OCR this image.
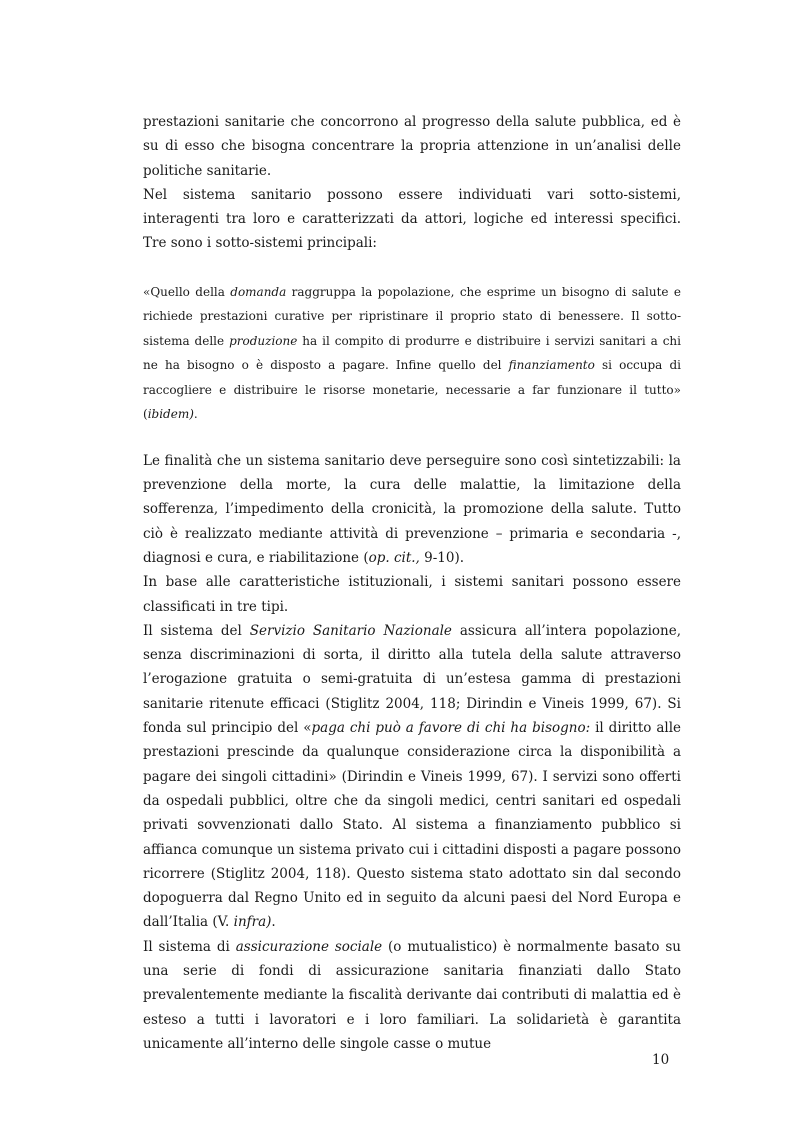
prestazioni sanitarie che concorrono al progresso della salute pubblica, ed è su di esso che bisogna concentrare la propria attenzione in un’analisi delle politiche sanitarie.

Nel sistema sanitario possono essere individuati vari sotto-sistemi, interagenti tra loro e caratterizzati da attori, logiche ed interessi specifici. Tre sono i sotto-sistemi principali:

«Quello della domanda raggruppa la popolazione, che esprime un bisogno di salute e richiede prestazioni curative per ripristinare il proprio stato di benessere. Il sotto-sistema delle produzione ha il compito di produrre e distribuire i servizi sanitari a chi ne ha bisogno o è disposto a pagare. Infine quello del finanziamento si occupa di raccogliere e distribuire le risorse monetarie, necessarie a far funzionare il tutto» (ibidem).

Le finalità che un sistema sanitario deve perseguire sono così sintetizzabili: la prevenzione della morte, la cura delle malattie, la limitazione della sofferenza, l’impedimento della cronicità, la promozione della salute. Tutto ciò è realizzato mediante attività di prevenzione – primaria e secondaria -, diagnosi e cura, e riabilitazione (op. cit., 9-10).

In base alle caratteristiche istituzionali, i sistemi sanitari possono essere classificati in tre tipi.

Il sistema del Servizio Sanitario Nazionale assicura all’intera popolazione, senza discriminazioni di sorta, il diritto alla tutela della salute attraverso l’erogazione gratuita o semi-gratuita di un’estesa gamma di prestazioni sanitarie ritenute efficaci (Stiglitz 2004, 118; Dirindin e Vineis 1999, 67). Si fonda sul principio del «paga chi può a favore di chi ha bisogno: il diritto alle prestazioni prescinde da qualunque considerazione circa la disponibilità a pagare dei singoli cittadini» (Dirindin e Vineis 1999, 67). I servizi sono offerti da ospedali pubblici, oltre che da singoli medici, centri sanitari ed ospedali privati sovvenzionati dallo Stato. Al sistema a finanziamento pubblico si affianca comunque un sistema privato cui i cittadini disposti a pagare possono ricorrere (Stiglitz 2004, 118). Questo sistema stato adottato sin dal secondo dopoguerra dal Regno Unito ed in seguito da alcuni paesi del Nord Europa e dall’Italia (V. infra).

Il sistema di assicurazione sociale (o mutualistico) è normalmente basato su una serie di fondi di assicurazione sanitaria finanziati dallo Stato prevalentemente mediante la fiscalità derivante dai contributi di malattia ed è esteso a tutti i lavoratori e i loro familiari. La solidarietà è garantita unicamente all’interno delle singole casse o mutue

10
